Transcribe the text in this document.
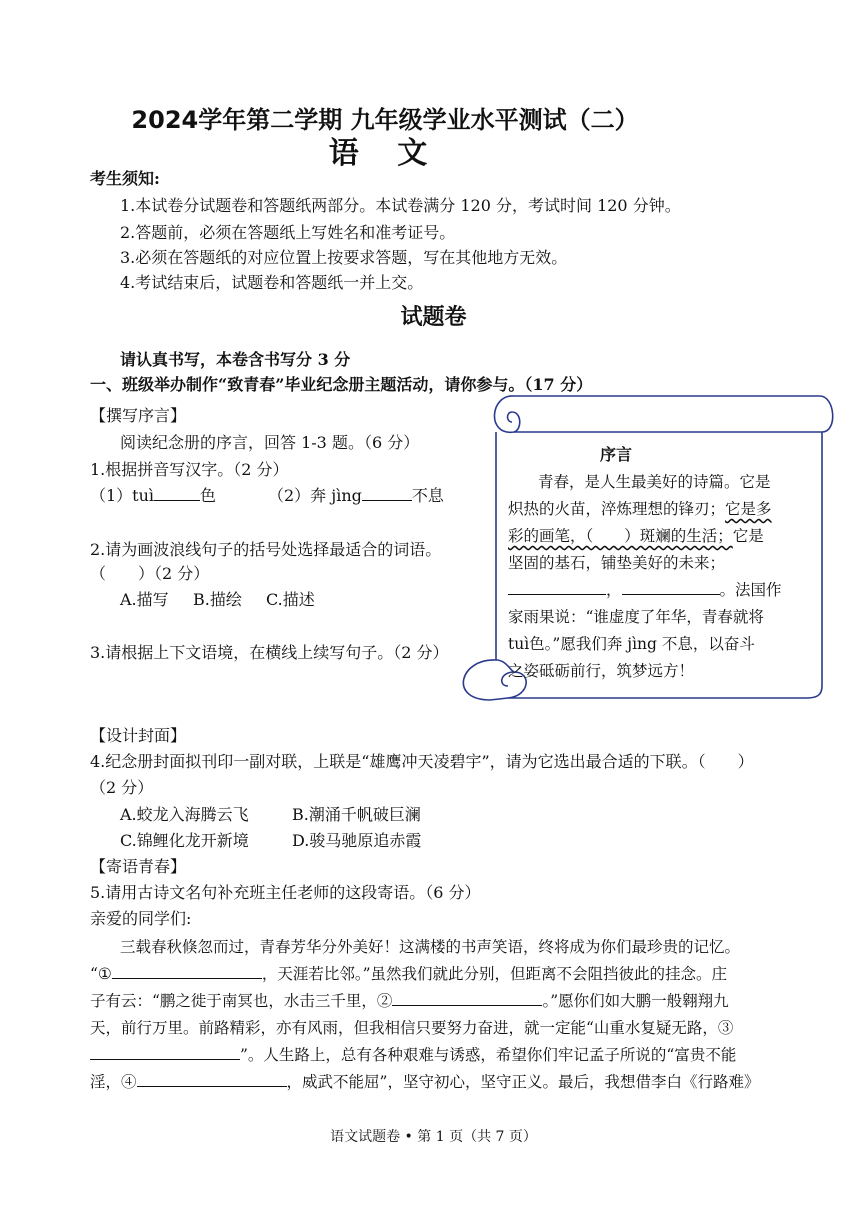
2024学年第二学期 九年级学业水平测试（二）
语 文
考生须知:
1.本试卷分试题卷和答题纸两部分。本试卷满分 120 分，考试时间 120 分钟。
2.答题前，必须在答题纸上写姓名和准考证号。
3.必须在答题纸的对应位置上按要求答题，写在其他地方无效。
4.考试结束后，试题卷和答题纸一并上交。
试题卷
请认真书写，本卷含书写分 3 分
一、班级举办制作“致青春”毕业纪念册主题活动，请你参与。（17 分）
【撰写序言】
阅读纪念册的序言，回答 1-3 题。（6 分）
1.根据拼音写汉字。（2 分）
（1）tuì	色	（2）奔 jìng	不息
2.请为画波浪线句子的括号处选择最适合的词语。
（　　）（2 分）
A.描写 B.描绘 C.描述
3.请根据上下文语境，在横线上续写句子。（2 分）
序言
青春，是人生最美好的诗篇。它是
炽热的火苗，淬炼理想的锋刃；它是多
彩的画笔，（　　）斑斓的生活；它是
坚固的基石，铺垫美好的未来；
，	。法国作
家雨果说：“谁虚度了年华，青春就将
tuì色。”愿我们奔 jìng 不息，以奋斗
之姿砥砺前行，筑梦远方！
【设计封面】
4.纪念册封面拟刊印一副对联，上联是“雄鹰冲天凌碧宇”，请为它选出最合适的下联。（　　）
（2 分）
A.蛟龙入海腾云飞	B.潮涌千帆破巨澜
C.锦鲤化龙开新境	D.骏马驰原追赤霞
【寄语青春】
5.请用古诗文名句补充班主任老师的这段寄语。（6 分）
亲爱的同学们:
三载春秋倏忽而过，青春芳华分外美好！这满楼的书声笑语，终将成为你们最珍贵的记忆。
“①	，天涯若比邻。”虽然我们就此分别，但距离不会阻挡彼此的挂念。庄
子有云：“鹏之徙于南冥也，水击三千里，②	。”愿你们如大鹏一般翱翔九
天，前行万里。前路精彩，亦有风雨，但我相信只要努力奋进，就一定能“山重水复疑无路，③
”。人生路上，总有各种艰难与诱惑，希望你们牢记孟子所说的“富贵不能
淫，④	，威武不能屈”，坚守初心，坚守正义。最后，我想借李白《行路难》
语文试题卷 • 第 1 页（共 7 页）
